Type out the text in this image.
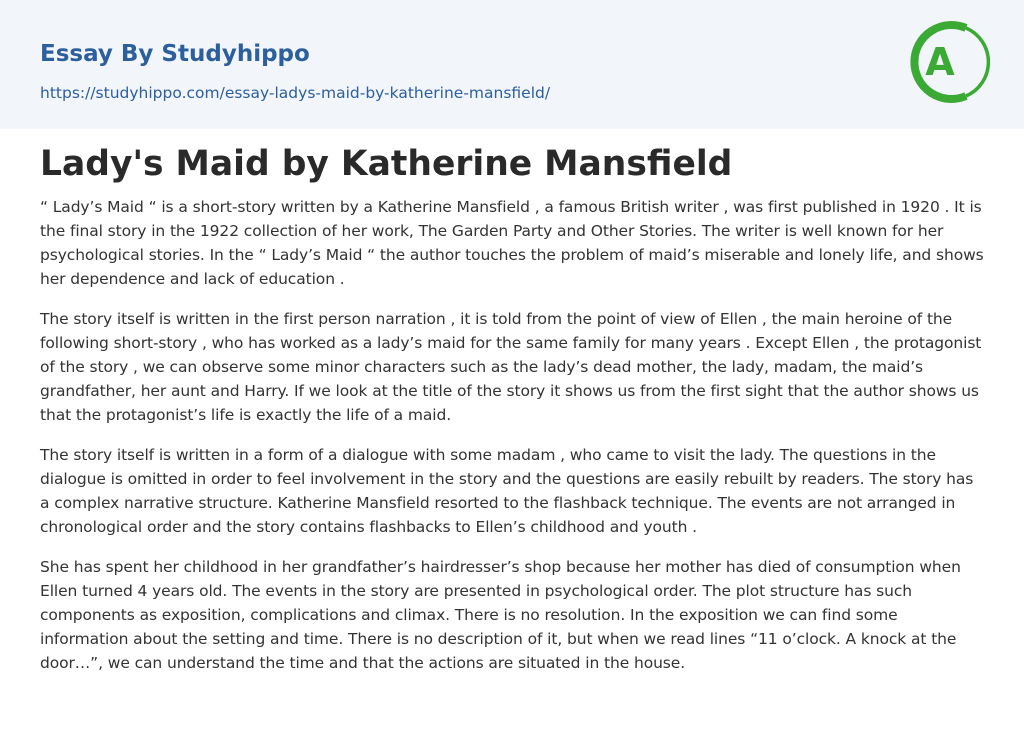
Essay By Studyhippo
https://studyhippo.com/essay-ladys-maid-by-katherine-mansfield/
A
Lady's Maid by Katherine Mansfield

“ Lady’s Maid “ is a short-story written by a Katherine Mansfield , a famous British writer , was first published in 1920 . It is the final story in the 1922 collection of her work, The Garden Party and Other Stories. The writer is well known for her psychological stories. In the “ Lady’s Maid “ the author touches the problem of maid’s miserable and lonely life, and shows her dependence and lack of education .

The story itself is written in the first person narration , it is told from the point of view of Ellen , the main heroine of the following short-story , who has worked as a lady’s maid for the same family for many years . Except Ellen , the protagonist of the story , we can observe some minor characters such as the lady’s dead mother, the lady, madam, the maid’s grandfather, her aunt and Harry. If we look at the title of the story it shows us from the first sight that the author shows us that the protagonist’s life is exactly the life of a maid.

The story itself is written in a form of a dialogue with some madam , who came to visit the lady. The questions in the dialogue is omitted in order to feel involvement in the story and the questions are easily rebuilt by readers. The story has a complex narrative structure. Katherine Mansfield resorted to the flashback technique. The events are not arranged in chronological order and the story contains flashbacks to Ellen’s childhood and youth .

She has spent her childhood in her grandfather’s hairdresser’s shop because her mother has died of consumption when Ellen turned 4 years old. The events in the story are presented in psychological order. The plot structure has such components as exposition, complications and climax. There is no resolution. In the exposition we can find some information about the setting and time. There is no description of it, but when we read lines “11 o’clock. A knock at the door…”, we can understand the time and that the actions are situated in the house.
